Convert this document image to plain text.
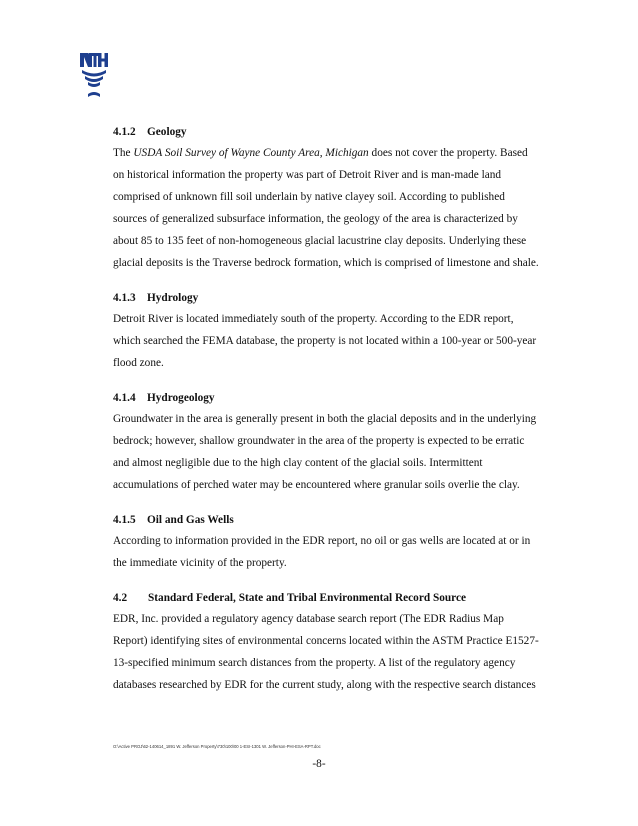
4.1.2 Geology
The USDA Soil Survey of Wayne County Area, Michigan does not cover the property. Based
on historical information the property was part of Detroit River and is man-made land
comprised of unknown fill soil underlain by native clayey soil. According to published
sources of generalized subsurface information, the geology of the area is characterized by
about 85 to 135 feet of non-homogeneous glacial lacustrine clay deposits. Underlying these
glacial deposits is the Traverse bedrock formation, which is comprised of limestone and shale.
4.1.3 Hydrology
Detroit River is located immediately south of the property. According to the EDR report,
which searched the FEMA database, the property is not located within a 100-year or 500-year
flood zone.
4.1.4 Hydrogeology
Groundwater in the area is generally present in both the glacial deposits and in the underlying
bedrock; however, shallow groundwater in the area of the property is expected to be erratic
and almost negligible due to the high clay content of the glacial soils. Intermittent
accumulations of perched water may be encountered where granular soils overlie the clay.
4.1.5 Oil and Gas Wells
According to information provided in the EDR report, no oil or gas wells are located at or in
the immediate vicinity of the property.
4.2 Standard Federal, State and Tribal Environmental Record Source
EDR, Inc. provided a regulatory agency database search report (The EDR Radius Map
Report) identifying sites of environmental concerns located within the ASTM Practice E1527-
13-specified minimum search distances from the property. A list of the regulatory agency
databases researched by EDR for the current study, along with the respective search distances
O:\Active PROJ\62-140614_1891 W. Jefferson Property\730\100\00 1-ESI-1301 W. Jefferson-PHI-ESA-RPT.doc
-8-
